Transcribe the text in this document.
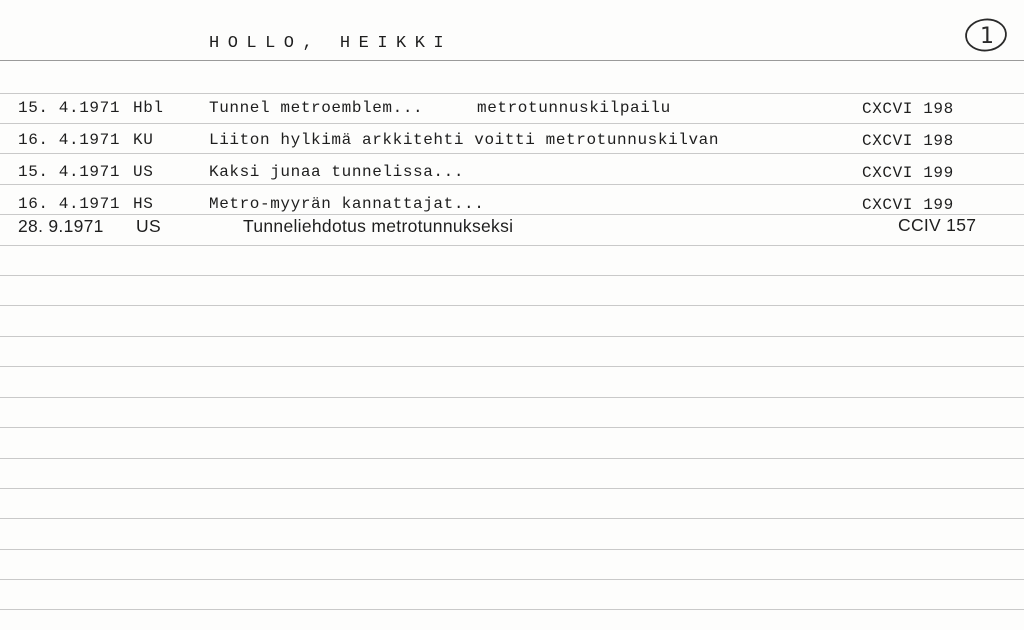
HOLLO, HEIKKI	1
15. 4.1971 Hbl	Tunnel metroemblem...	metrotunnuskilpailu	CXCVI 198
16. 4.1971 KU	Liiton hylkimä arkkitehti voitti metrotunnuskilvan	CXCVI 198
15. 4.1971 US	Kaksi junaa tunnelissa...	CXCVI 199
16. 4.1971 HS	Metro-myyrän kannattajat...	CXCVI 199
28. 9.1971 US	Tunneliehdotus metrotunnukseksi	CCIV 157
